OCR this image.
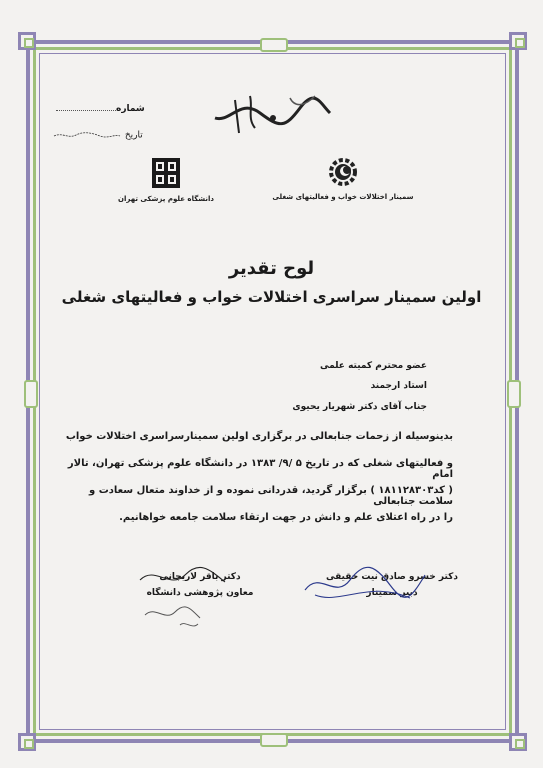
شماره
تاریخ
دانشگاه علوم پزشکی تهران	سمینار اختلالات خواب و فعالیتهای شغلی
لوح تقدیر
اولین سمینار سراسری اختلالات خواب و فعالیتهای شغلی
عضو محترم کمیته علمی
استاد ارجمند
جناب آقای دکتر شهریار یحیوی
بدینوسیله از زحمات جنابعالی در برگزاری اولین سمینارسراسری اختلالات خواب
و فعالیتهای شغلی که در تاریخ ۵ /۹/ ۱۳۸۳ در دانشگاه علوم پزشکی تهران، تالار امام
( کد۱۸۱۱۲۸۳۰۳ ) برگزار گردید، قدردانی نموده و از خداوند متعال سعادت و سلامت جنابعالی
را در راه اعتلای علم و دانش در جهت ارتقاء سلامت جامعه خواهانیم.
دکتر خسرو صادق نیت حقیقی
دبیر سمینار
دکتر باقر لاریجانی
معاون پژوهشی دانشگاه
